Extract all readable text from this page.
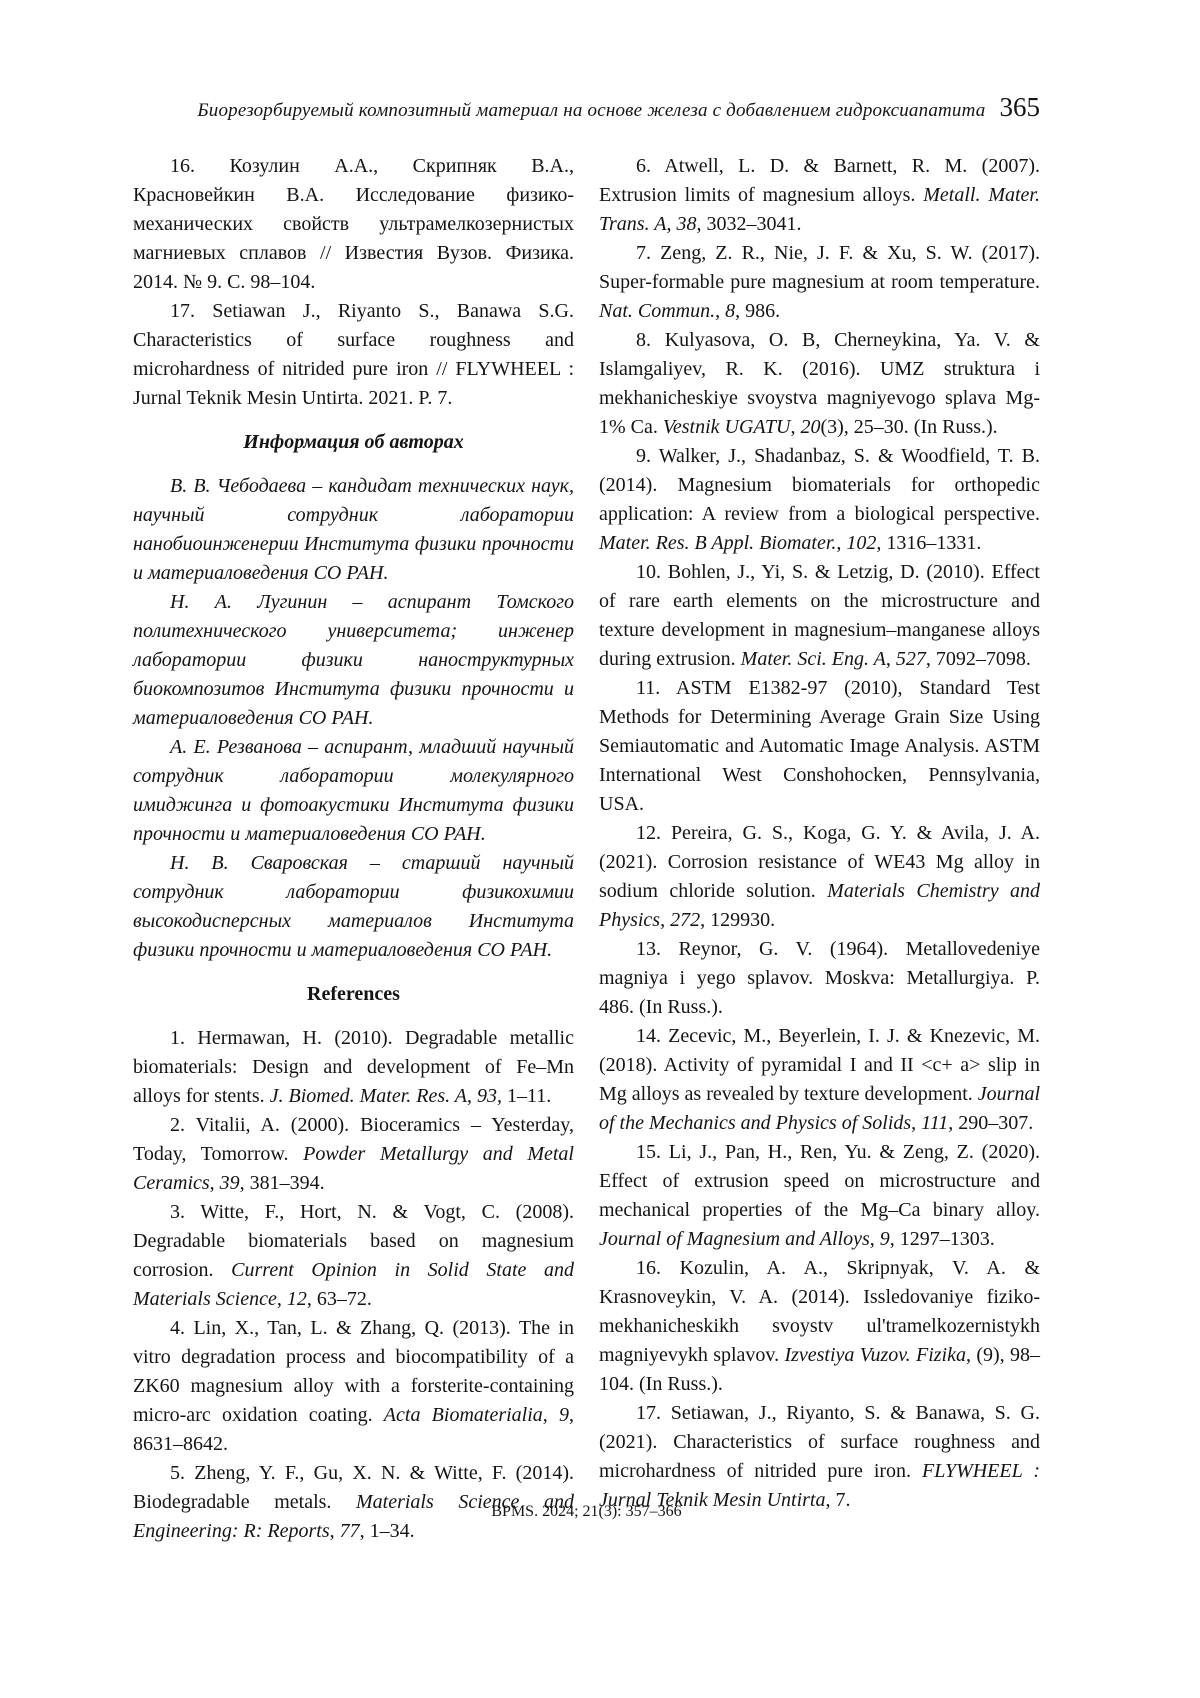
Биорезорбируемый композитный материал на основе железа с добавлением гидроксиапатита 365

16. Козулин А.А., Скрипняк В.А., Красновейкин В.А. Исследование физико-механических свойств ультрамелкозернистых магниевых сплавов // Известия Вузов. Физика. 2014. № 9. С. 98–104.

17. Setiawan J., Riyanto S., Banawa S.G. Characteristics of surface roughness and microhardness of nitrided pure iron // FLYWHEEL : Jurnal Teknik Mesin Untirta. 2021. P. 7.

Информация об авторах

В. В. Чебодаева – кандидат технических наук, научный сотрудник лаборатории нанобиоинженерии Института физики прочности и материаловедения СО РАН.

Н. А. Лугинин – аспирант Томского политехнического университета; инженер лаборатории физики наноструктурных биокомпозитов Института физики прочности и материаловедения СО РАН.

А. Е. Резванова – аспирант, младший научный сотрудник лаборатории молекулярного имиджинга и фотоакустики Института физики прочности и материаловедения СО РАН.

Н. В. Сваровская – старший научный сотрудник лаборатории физикохимии высокодисперсных материалов Института физики прочности и материаловедения СО РАН.

References

1. Hermawan, H. (2010). Degradable metallic biomaterials: Design and development of Fe–Mn alloys for stents. J. Biomed. Mater. Res. A, 93, 1–11.

2. Vitalii, A. (2000). Bioceramics – Yesterday, Today, Tomorrow. Powder Metallurgy and Metal Ceramics, 39, 381–394.

3. Witte, F., Hort, N. & Vogt, C. (2008). Degradable biomaterials based on magnesium corrosion. Current Opinion in Solid State and Materials Science, 12, 63–72.

4. Lin, X., Tan, L. & Zhang, Q. (2013). The in vitro degradation process and biocompatibility of a ZK60 magnesium alloy with a forsterite-containing micro-arc oxidation coating. Acta Biomaterialia, 9, 8631–8642.

5. Zheng, Y. F., Gu, X. N. & Witte, F. (2014). Biodegradable metals. Materials Science and Engineering: R: Reports, 77, 1–34.

6. Atwell, L. D. & Barnett, R. M. (2007). Extrusion limits of magnesium alloys. Metall. Mater. Trans. A, 38, 3032–3041.

7. Zeng, Z. R., Nie, J. F. & Xu, S. W. (2017). Super-formable pure magnesium at room temperature. Nat. Commun., 8, 986.

8. Kulyasova, O. B, Cherneykina, Ya. V. & Islamgaliyev, R. K. (2016). UMZ struktura i mekhanicheskiye svoystva magniyevogo splava Mg-1% Ca. Vestnik UGATU, 20(3), 25–30. (In Russ.).

9. Walker, J., Shadanbaz, S. & Woodfield, T. B. (2014). Magnesium biomaterials for orthopedic application: A review from a biological perspective. Mater. Res. B Appl. Biomater., 102, 1316–1331.

10. Bohlen, J., Yi, S. & Letzig, D. (2010). Effect of rare earth elements on the microstructure and texture development in magnesium–manganese alloys during extrusion. Mater. Sci. Eng. A, 527, 7092–7098.

11. ASTM E1382-97 (2010), Standard Test Methods for Determining Average Grain Size Using Semiautomatic and Automatic Image Analysis. ASTM International West Conshohocken, Pennsylvania, USA.

12. Pereira, G. S., Koga, G. Y. & Avila, J. A. (2021). Corrosion resistance of WE43 Mg alloy in sodium chloride solution. Materials Chemistry and Physics, 272, 129930.

13. Reynor, G. V. (1964). Metallovedeniye magniya i yego splavov. Moskva: Metallurgiya. P. 486. (In Russ.).

14. Zecevic, M., Beyerlein, I. J. & Knezevic, M. (2018). Activity of pyramidal I and II <c+ a> slip in Mg alloys as revealed by texture development. Journal of the Mechanics and Physics of Solids, 111, 290–307.

15. Li, J., Pan, H., Ren, Yu. & Zeng, Z. (2020). Effect of extrusion speed on microstructure and mechanical properties of the Mg–Ca binary alloy. Journal of Magnesium and Alloys, 9, 1297–1303.

16. Kozulin, A. A., Skripnyak, V. A. & Krasnoveykin, V. A. (2014). Issledovaniye fiziko-mekhanicheskikh svoystv ul'tramelkozernistykh magniyevykh splavov. Izvestiya Vuzov. Fizika, (9), 98–104. (In Russ.).

17. Setiawan, J., Riyanto, S. & Banawa, S. G. (2021). Characteristics of surface roughness and microhardness of nitrided pure iron. FLYWHEEL : Jurnal Teknik Mesin Untirta, 7.

BPMS. 2024; 21(3): 357–366
